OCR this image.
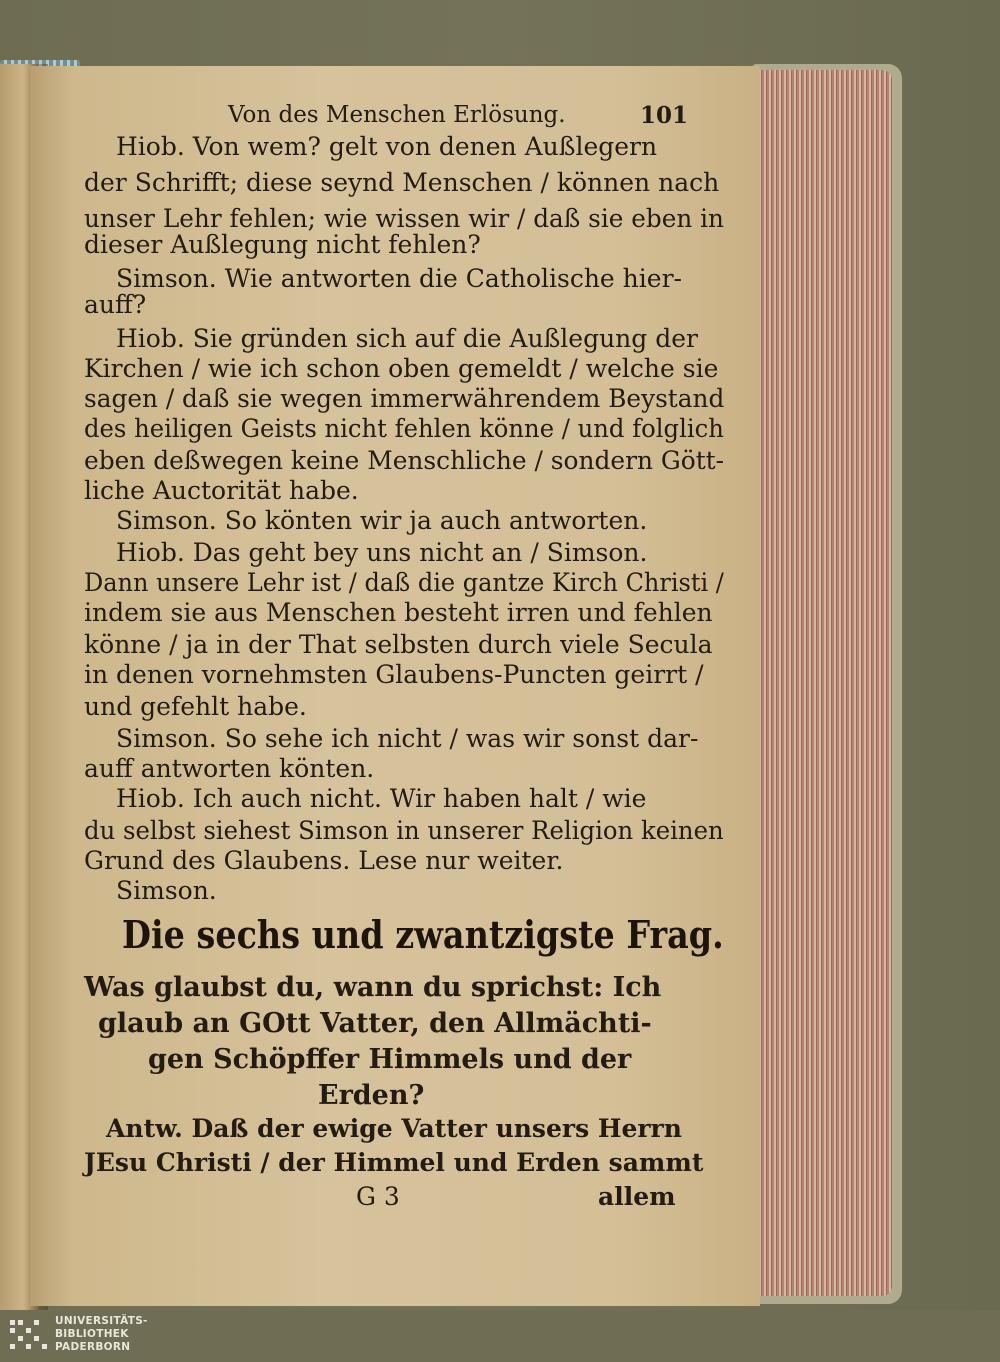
Von des Menschen Erlösung.	101
Hiob. Von wem? gelt von denen Außlegern
der Schrifft; diese seynd Menschen / können nach
unser Lehr fehlen; wie wissen wir / daß sie eben in
dieser Außlegung nicht fehlen?
Simson. Wie antworten die Catholische hier-
auff?
Hiob. Sie gründen sich auf die Außlegung der
Kirchen / wie ich schon oben gemeldt / welche sie
sagen / daß sie wegen immerwährendem Beystand
des heiligen Geists nicht fehlen könne / und folglich
eben deßwegen keine Menschliche / sondern Gött-
liche Auctorität habe.
Simson. So könten wir ja auch antworten.
Hiob. Das geht bey uns nicht an / Simson.
Dann unsere Lehr ist / daß die gantze Kirch Christi /
indem sie aus Menschen besteht irren und fehlen
könne / ja in der That selbsten durch viele Secula
in denen vornehmsten Glaubens-Puncten geirrt /
und gefehlt habe.
Simson. So sehe ich nicht / was wir sonst dar-
auff antworten könten.
Hiob. Ich auch nicht. Wir haben halt / wie
du selbst siehest Simson in unserer Religion keinen
Grund des Glaubens. Lese nur weiter.
Simson.
Die sechs und zwantzigste Frag.
Was glaubst du, wann du sprichst: Ich
glaub an GOtt Vatter, den Allmächti-
gen Schöpffer Himmels und der
Erden?
Antw. Daß der ewige Vatter unsers Herrn
JEsu Christi / der Himmel und Erden sammt
G 3	allem
UNIVERSITÄTS-
BIBLIOTHEK
PADERBORN
